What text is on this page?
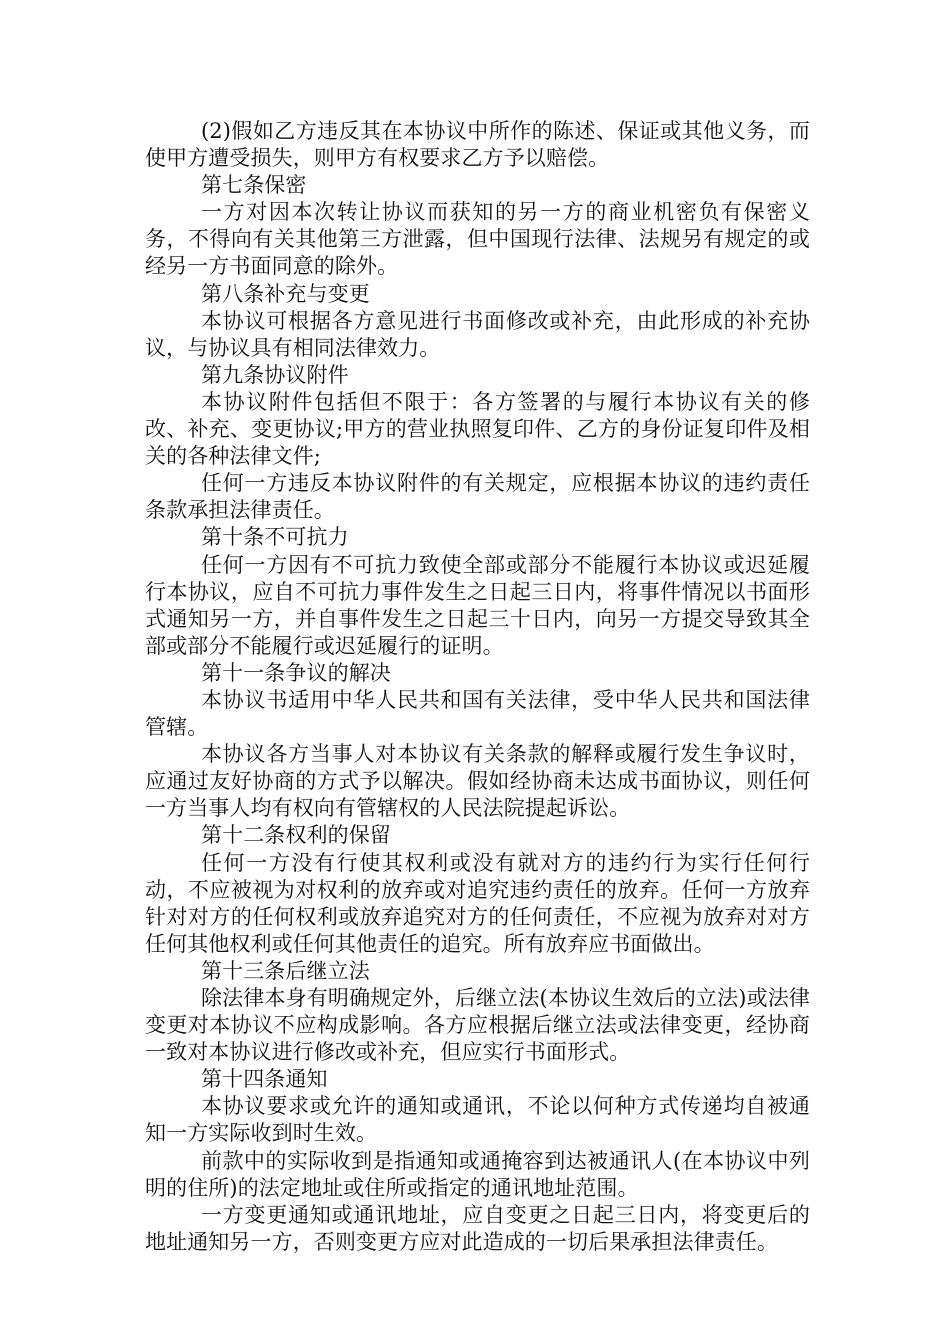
(2)假如乙方违反其在本协议中所作的陈述、保证或其他义务，而使甲方遭受损失，则甲方有权要求乙方予以赔偿。

第七条保密

一方对因本次转让协议而获知的另一方的商业机密负有保密义务，不得向有关其他第三方泄露，但中国现行法律、法规另有规定的或经另一方书面同意的除外。

第八条补充与变更

本协议可根据各方意见进行书面修改或补充，由此形成的补充协议，与协议具有相同法律效力。

第九条协议附件

本协议附件包括但不限于：各方签署的与履行本协议有关的修改、补充、变更协议;甲方的营业执照复印件、乙方的身份证复印件及相关的各种法律文件;

任何一方违反本协议附件的有关规定，应根据本协议的违约责任条款承担法律责任。

第十条不可抗力

任何一方因有不可抗力致使全部或部分不能履行本协议或迟延履行本协议，应自不可抗力事件发生之日起三日内，将事件情况以书面形式通知另一方，并自事件发生之日起三十日内，向另一方提交导致其全部或部分不能履行或迟延履行的证明。

第十一条争议的解决

本协议书适用中华人民共和国有关法律，受中华人民共和国法律管辖。

本协议各方当事人对本协议有关条款的解释或履行发生争议时，应通过友好协商的方式予以解决。假如经协商未达成书面协议，则任何一方当事人均有权向有管辖权的人民法院提起诉讼。

第十二条权利的保留

任何一方没有行使其权利或没有就对方的违约行为实行任何行动，不应被视为对权利的放弃或对追究违约责任的放弃。任何一方放弃针对对方的任何权利或放弃追究对方的任何责任，不应视为放弃对对方任何其他权利或任何其他责任的追究。所有放弃应书面做出。

第十三条后继立法

除法律本身有明确规定外，后继立法(本协议生效后的立法)或法律变更对本协议不应构成影响。各方应根据后继立法或法律变更，经协商一致对本协议进行修改或补充，但应实行书面形式。

第十四条通知

本协议要求或允许的通知或通讯，不论以何种方式传递均自被通知一方实际收到时生效。

前款中的实际收到是指通知或通掩容到达被通讯人(在本协议中列明的住所)的法定地址或住所或指定的通讯地址范围。

一方变更通知或通讯地址，应自变更之日起三日内，将变更后的地址通知另一方，否则变更方应对此造成的一切后果承担法律责任。
